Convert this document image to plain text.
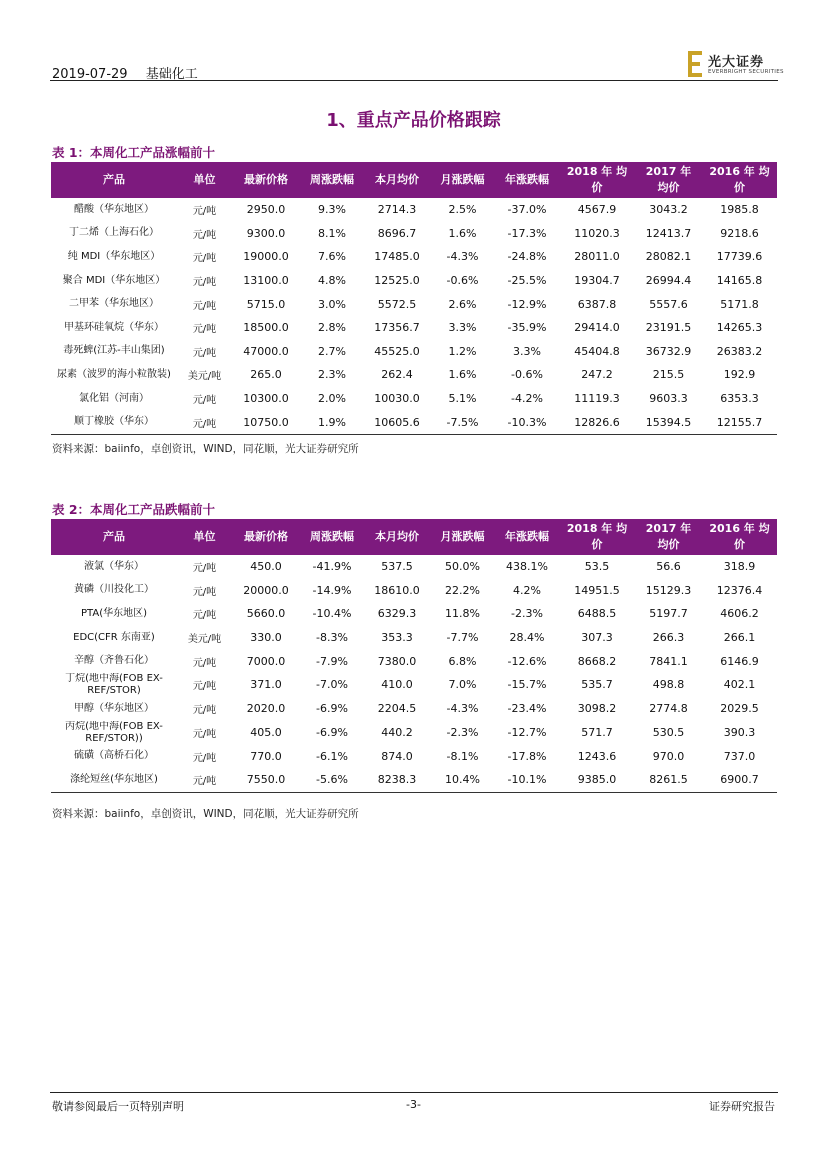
2019-07-29 基础化工
光大证券
EVERBRIGHT SECURITIES
1、重点产品价格跟踪
表 1：本周化工产品涨幅前十
产品	单位	最新价格	周涨跌幅	本月均价	月涨跌幅	年涨跌幅	2018 年 均价	2017 年 均价	2016 年 均价
醋酸（华东地区）	元/吨	2950.0	9.3%	2714.3	2.5%	-37.0%	4567.9	3043.2	1985.8
丁二烯（上海石化）	元/吨	9300.0	8.1%	8696.7	1.6%	-17.3%	11020.3	12413.7	9218.6
纯 MDI（华东地区）	元/吨	19000.0	7.6%	17485.0	-4.3%	-24.8%	28011.0	28082.1	17739.6
聚合 MDI（华东地区）	元/吨	13100.0	4.8%	12525.0	-0.6%	-25.5%	19304.7	26994.4	14165.8
二甲苯（华东地区）	元/吨	5715.0	3.0%	5572.5	2.6%	-12.9%	6387.8	5557.6	5171.8
甲基环硅氧烷（华东）	元/吨	18500.0	2.8%	17356.7	3.3%	-35.9%	29414.0	23191.5	14265.3
毒死蜱(江苏-丰山集团)	元/吨	47000.0	2.7%	45525.0	1.2%	3.3%	45404.8	36732.9	26383.2
尿素（波罗的海小粒散装)	美元/吨	265.0	2.3%	262.4	1.6%	-0.6%	247.2	215.5	192.9
氯化铝（河南）	元/吨	10300.0	2.0%	10030.0	5.1%	-4.2%	11119.3	9603.3	6353.3
顺丁橡胶（华东）	元/吨	10750.0	1.9%	10605.6	-7.5%	-10.3%	12826.6	15394.5	12155.7
资料来源：baiinfo，卓创资讯，WIND，同花顺，光大证券研究所
表 2：本周化工产品跌幅前十
产品	单位	最新价格	周涨跌幅	本月均价	月涨跌幅	年涨跌幅	2018 年 均价	2017 年 均价	2016 年 均价
液氯（华东）	元/吨	450.0	-41.9%	537.5	50.0%	438.1%	53.5	56.6	318.9
黄磷（川投化工）	元/吨	20000.0	-14.9%	18610.0	22.2%	4.2%	14951.5	15129.3	12376.4
PTA(华东地区)	元/吨	5660.0	-10.4%	6329.3	11.8%	-2.3%	6488.5	5197.7	4606.2
EDC(CFR 东南亚)	美元/吨	330.0	-8.3%	353.3	-7.7%	28.4%	307.3	266.3	266.1
辛醇（齐鲁石化）	元/吨	7000.0	-7.9%	7380.0	6.8%	-12.6%	8668.2	7841.1	6146.9
丁烷(地中海(FOB EX-REF/STOR)	元/吨	371.0	-7.0%	410.0	7.0%	-15.7%	535.7	498.8	402.1
甲醇（华东地区）	元/吨	2020.0	-6.9%	2204.5	-4.3%	-23.4%	3098.2	2774.8	2029.5
丙烷(地中海(FOB EX-REF/STOR))	元/吨	405.0	-6.9%	440.2	-2.3%	-12.7%	571.7	530.5	390.3
硫磺（高桥石化）	元/吨	770.0	-6.1%	874.0	-8.1%	-17.8%	1243.6	970.0	737.0
涤纶短丝(华东地区)	元/吨	7550.0	-5.6%	8238.3	10.4%	-10.1%	9385.0	8261.5	6900.7
资料来源：baiinfo，卓创资讯，WIND，同花顺，光大证券研究所
敬请参阅最后一页特别声明	-3-	证券研究报告
